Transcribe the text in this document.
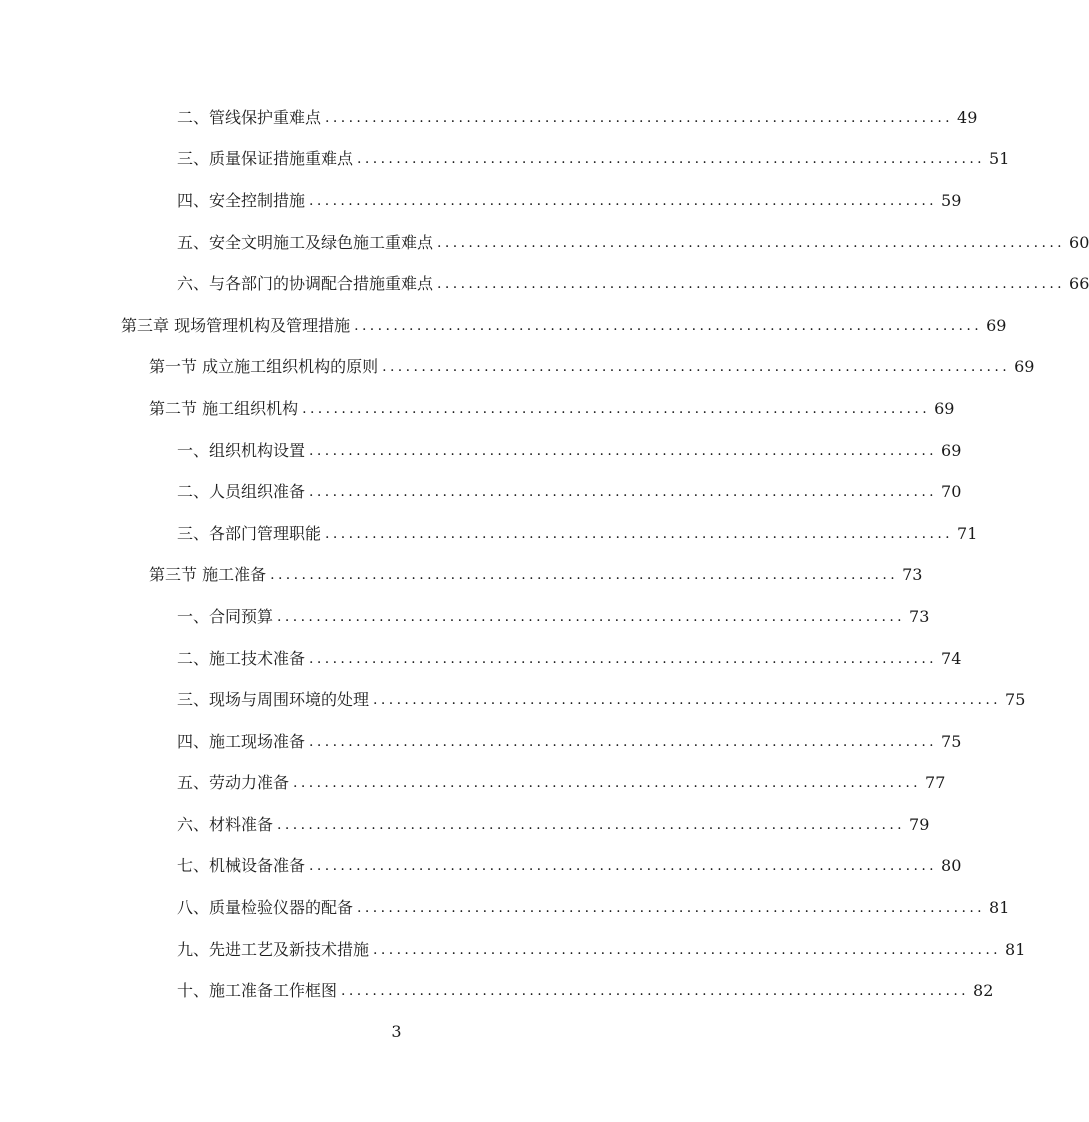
二、管线保护重难点 ................................................................................ 49
三、质量保证措施重难点 ................................................................................ 51
四、安全控制措施 ................................................................................ 59
五、安全文明施工及绿色施工重难点 ................................................................................ 60
六、与各部门的协调配合措施重难点 ................................................................................ 66
第三章 现场管理机构及管理措施 ................................................................................ 69
第一节 成立施工组织机构的原则 ................................................................................ 69
第二节 施工组织机构 ................................................................................ 69
一、组织机构设置 ................................................................................ 69
二、人员组织准备 ................................................................................ 70
三、各部门管理职能 ................................................................................ 71
第三节 施工准备 ................................................................................ 73
一、合同预算 ................................................................................ 73
二、施工技术准备 ................................................................................ 74
三、现场与周围环境的处理 ................................................................................ 75
四、施工现场准备 ................................................................................ 75
五、劳动力准备 ................................................................................ 77
六、材料准备 ................................................................................ 79
七、机械设备准备 ................................................................................ 80
八、质量检验仪器的配备 ................................................................................ 81
九、先进工艺及新技术措施 ................................................................................ 81
十、施工准备工作框图 ................................................................................ 82
3
